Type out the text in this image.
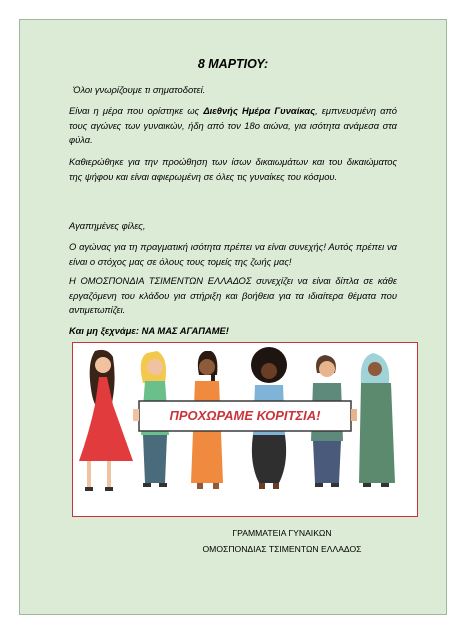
8 ΜΑΡΤΙΟΥ:

Όλοι γνωρίζουμε τι σηματοδοτεί.

Είναι η μέρα που ορίστηκε ως Διεθνής Ημέρα Γυναίκας, εμπνευσμένη από τους αγώνες των γυναικών, ήδη από τον 18ο αιώνα, για ισότητα ανάμεσα στα φύλα.

Καθιερώθηκε για την προώθηση των ίσων δικαιωμάτων και του δικαιώματος της ψήφου και είναι αφιερωμένη σε όλες τις γυναίκες του κόσμου.

Αγαπημένες φίλες,

Ο αγώνας για τη πραγματική ισότητα πρέπει να είναι συνεχής! Αυτός πρέπει να είναι ο στόχος μας σε όλους τους τομείς της ζωής μας!

Η ΟΜΟΣΠΟΝΔΙΑ ΤΣΙΜΕΝΤΩΝ ΕΛΛΑΔΟΣ συνεχίζει να είναι δίπλα σε κάθε εργαζόμενη του κλάδου για στήριξη και βοήθεια για τα ιδιαίτερα θέματα που αντιμετωπίζει.

Και μη ξεχνάμε: ΝΑ ΜΑΣ ΑΓΑΠΑΜΕ!

ΠΡΟΧΩΡΑΜΕ ΚΟΡΙΤΣΙΑ!
ΓΡΑΜΜΑΤΕΙΑ ΓΥΝΑΙΚΩΝ
ΟΜΟΣΠΟΝΔΙΑΣ ΤΣΙΜΕΝΤΩΝ ΕΛΛΑΔΟΣ
